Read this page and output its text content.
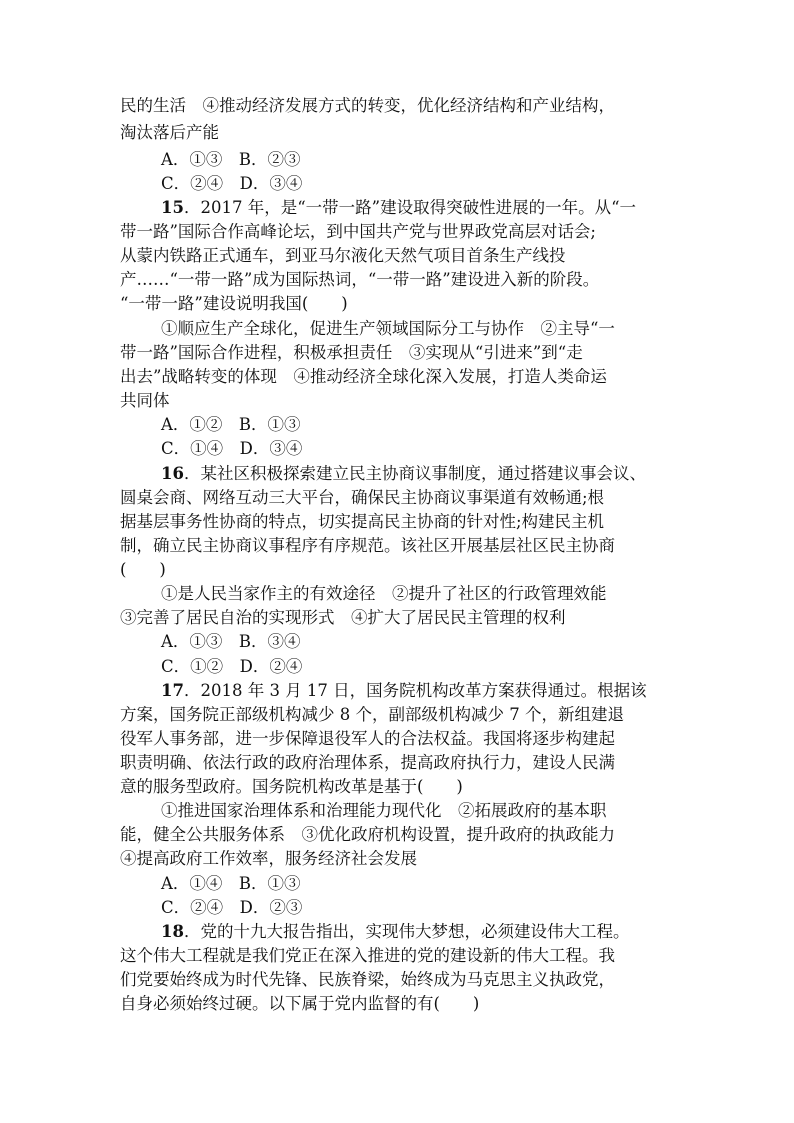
民的生活　④推动经济发展方式的转变，优化经济结构和产业结构，
淘汰落后产能
A．①③　B．②③
C．②④　D．③④
15．2017 年，是“一带一路”建设取得突破性进展的一年。从“一
带一路”国际合作高峰论坛，到中国共产党与世界政党高层对话会;
从蒙内铁路正式通车，到亚马尔液化天然气项目首条生产线投
产……“一带一路”成为国际热词，“一带一路”建设进入新的阶段。
“一带一路”建设说明我国(　　)
①顺应生产全球化，促进生产领域国际分工与协作　②主导“一
带一路”国际合作进程，积极承担责任　③实现从“引进来”到“走
出去”战略转变的体现　④推动经济全球化深入发展，打造人类命运
共同体
A．①②　B．①③
C．①④　D．③④
16．某社区积极探索建立民主协商议事制度，通过搭建议事会议、
圆桌会商、网络互动三大平台，确保民主协商议事渠道有效畅通;根
据基层事务性协商的特点，切实提高民主协商的针对性;构建民主机
制，确立民主协商议事程序有序规范。该社区开展基层社区民主协商
(　　)
①是人民当家作主的有效途径　②提升了社区的行政管理效能
③完善了居民自治的实现形式　④扩大了居民民主管理的权利
A．①③　B．③④
C．①②　D．②④
17．2018 年 3 月 17 日，国务院机构改革方案获得通过。根据该
方案，国务院正部级机构减少 8 个，副部级机构减少 7 个，新组建退
役军人事务部，进一步保障退役军人的合法权益。我国将逐步构建起
职责明确、依法行政的政府治理体系，提高政府执行力，建设人民满
意的服务型政府。国务院机构改革是基于(　　)
①推进国家治理体系和治理能力现代化　②拓展政府的基本职
能，健全公共服务体系　③优化政府机构设置，提升政府的执政能力
④提高政府工作效率，服务经济社会发展
A．①④　B．①③
C．②④　D．②③
18．党的十九大报告指出，实现伟大梦想，必须建设伟大工程。
这个伟大工程就是我们党正在深入推进的党的建设新的伟大工程。我
们党要始终成为时代先锋、民族脊梁，始终成为马克思主义执政党，
自身必须始终过硬。以下属于党内监督的有(　　)
